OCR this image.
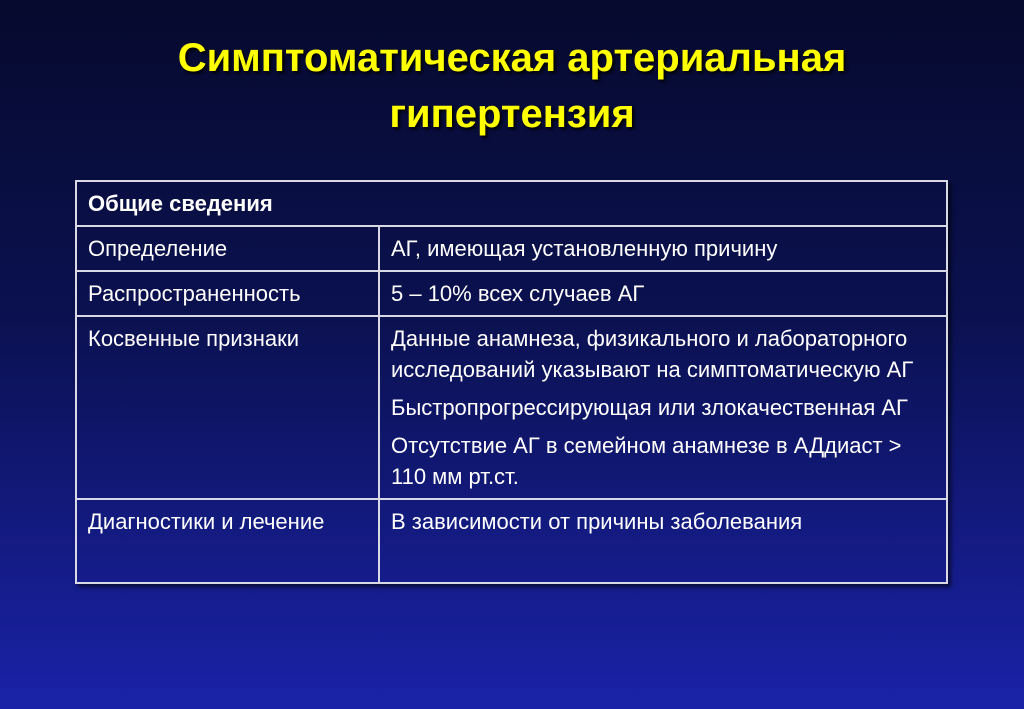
Симптоматическая артериальная
гипертензия
Общие сведения	
Определение	АГ, имеющая установленную причину

Распространенность	5 – 10% всех случаев АГ

Косвенные признаки	Данные анамнеза, физикального и лабораторного исследований указывают на симптоматическую АГ
Быстропрогрессирующая или злокачественная АГ
Отсутствие АГ в семейном анамнезе в АДдиаст > 110 мм рт.ст.

Диагностики и лечение	В зависимости от причины заболевания
